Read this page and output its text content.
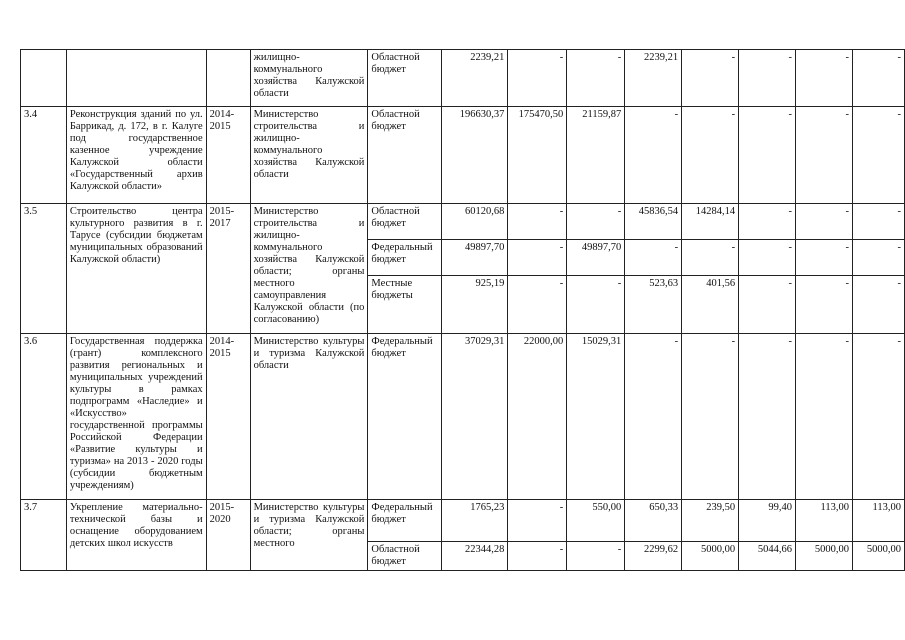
			жилищно-коммунального хозяйства Калужской области	Областной бюджет	2239,21	-	-	2239,21	-	-	-	-
3.4	Реконструкция зданий по ул. Баррикад, д. 172, в г. Калуге под государственное казенное учреждение Калужской области «Государственный архив Калужской области»	2014-2015	Министерство строительства и жилищно-коммунального хозяйства Калужской области	Областной бюджет	196630,37	175470,50	21159,87	-	-	-	-	-
3.5	Строительство центра культурного развития в г. Тарусе (субсидии бюджетам муниципальных образований Калужской области)	2015-2017	Министерство строительства и жилищно-коммунального хозяйства Калужской области; органы местного самоуправления Калужской области (по согласованию)	Областной бюджет	60120,68	-	-	45836,54	14284,14	-	-	-
				Федеральный бюджет	49897,70	-	49897,70	-	-	-	-	-
				Местные бюджеты	925,19	-	-	523,63	401,56	-	-	-
3.6	Государственная поддержка (грант) комплексного развития региональных и муниципальных учреждений культуры в рамках подпрограмм «Наследие» и «Искусство» государственной программы Российской Федерации «Развитие культуры и туризма» на 2013 - 2020 годы (субсидии бюджетным учреждениям)	2014-2015	Министерство культуры и туризма Калужской области	Федеральный бюджет	37029,31	22000,00	15029,31	-	-	-	-	-
3.7	Укрепление материально-технической базы и оснащение оборудованием детских школ искусств	2015-2020	Министерство культуры и туризма Калужской области; органы местного	Федеральный бюджет	1765,23	-	550,00	650,33	239,50	99,40	113,00	113,00
				Областной бюджет	22344,28	-	-	2299,62	5000,00	5044,66	5000,00	5000,00
